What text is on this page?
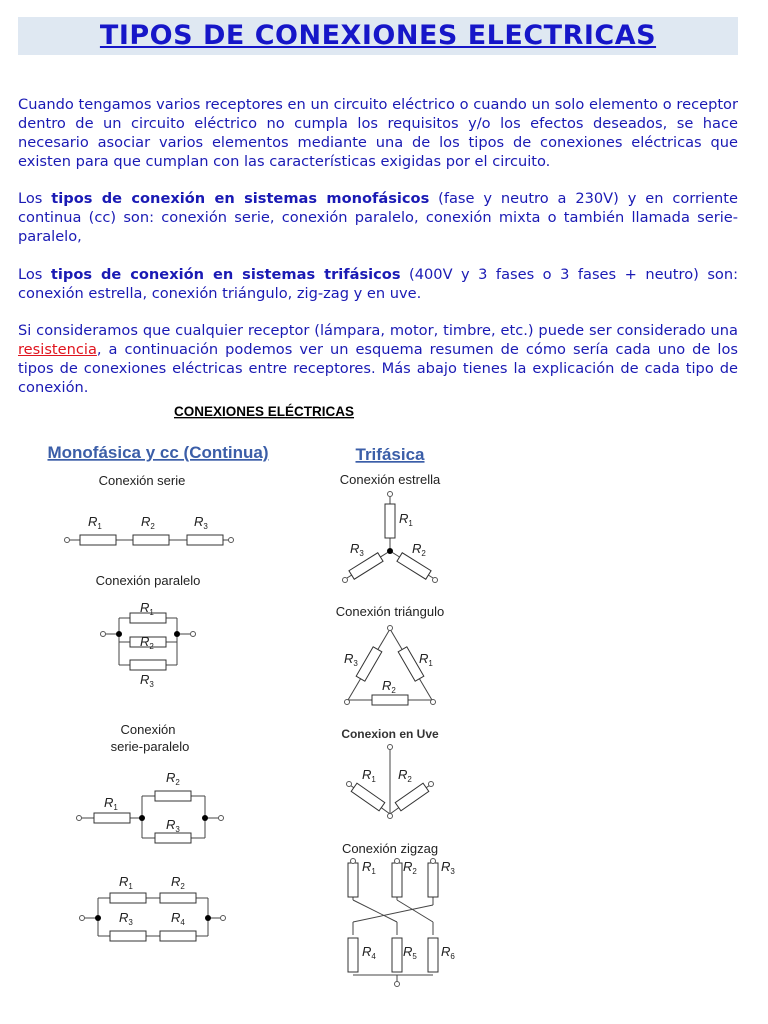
TIPOS DE CONEXIONES ELECTRICAS
Cuando tengamos varios receptores en un circuito eléctrico o cuando un solo elemento o receptor dentro de un circuito eléctrico no cumpla los requisitos y/o los efectos deseados, se hace necesario asociar varios elementos mediante una de los tipos de conexiones eléctricas que existen para que cumplan con las características exigidas por el circuito.
Los tipos de conexión en sistemas monofásicos (fase y neutro a 230V) y en corriente continua (cc) son: conexión serie, conexión paralelo, conexión mixta o también llamada serie-paralelo,
Los tipos de conexión en sistemas trifásicos (400V y 3 fases o 3 fases + neutro) son: conexión estrella, conexión triángulo, zig-zag y en uve.
Si consideramos que cualquier receptor (lámpara, motor, timbre, etc.) puede ser considerado una resistencia, a continuación podemos ver un esquema resumen de cómo sería cada uno de los tipos de conexiones eléctricas entre receptores. Más abajo tienes la explicación de cada tipo de conexión.
CONEXIONES ELÉCTRICAS
Monofásica y cc (Continua)	Trifásica
Conexión serie
Conexión paralelo
Conexión
serie-paralelo
Conexión estrella
Conexión triángulo
Conexión zigzag
Conexion en Uve
$R_1$	$R_2$	$R_3$
$R_1$
$R_2$
$R_3$
$R_1$
$R_2$
$R_3$
$R_1$	$R_2$
$R_3$	$R_4$
$R_1$
$R_3$	$R_2$
$R_3$	$R_1$
$R_2$
$R_1$ $R_2$
$R_1$ $R_2$ $R_3$
$R_4$ $R_5$ $R_6$
